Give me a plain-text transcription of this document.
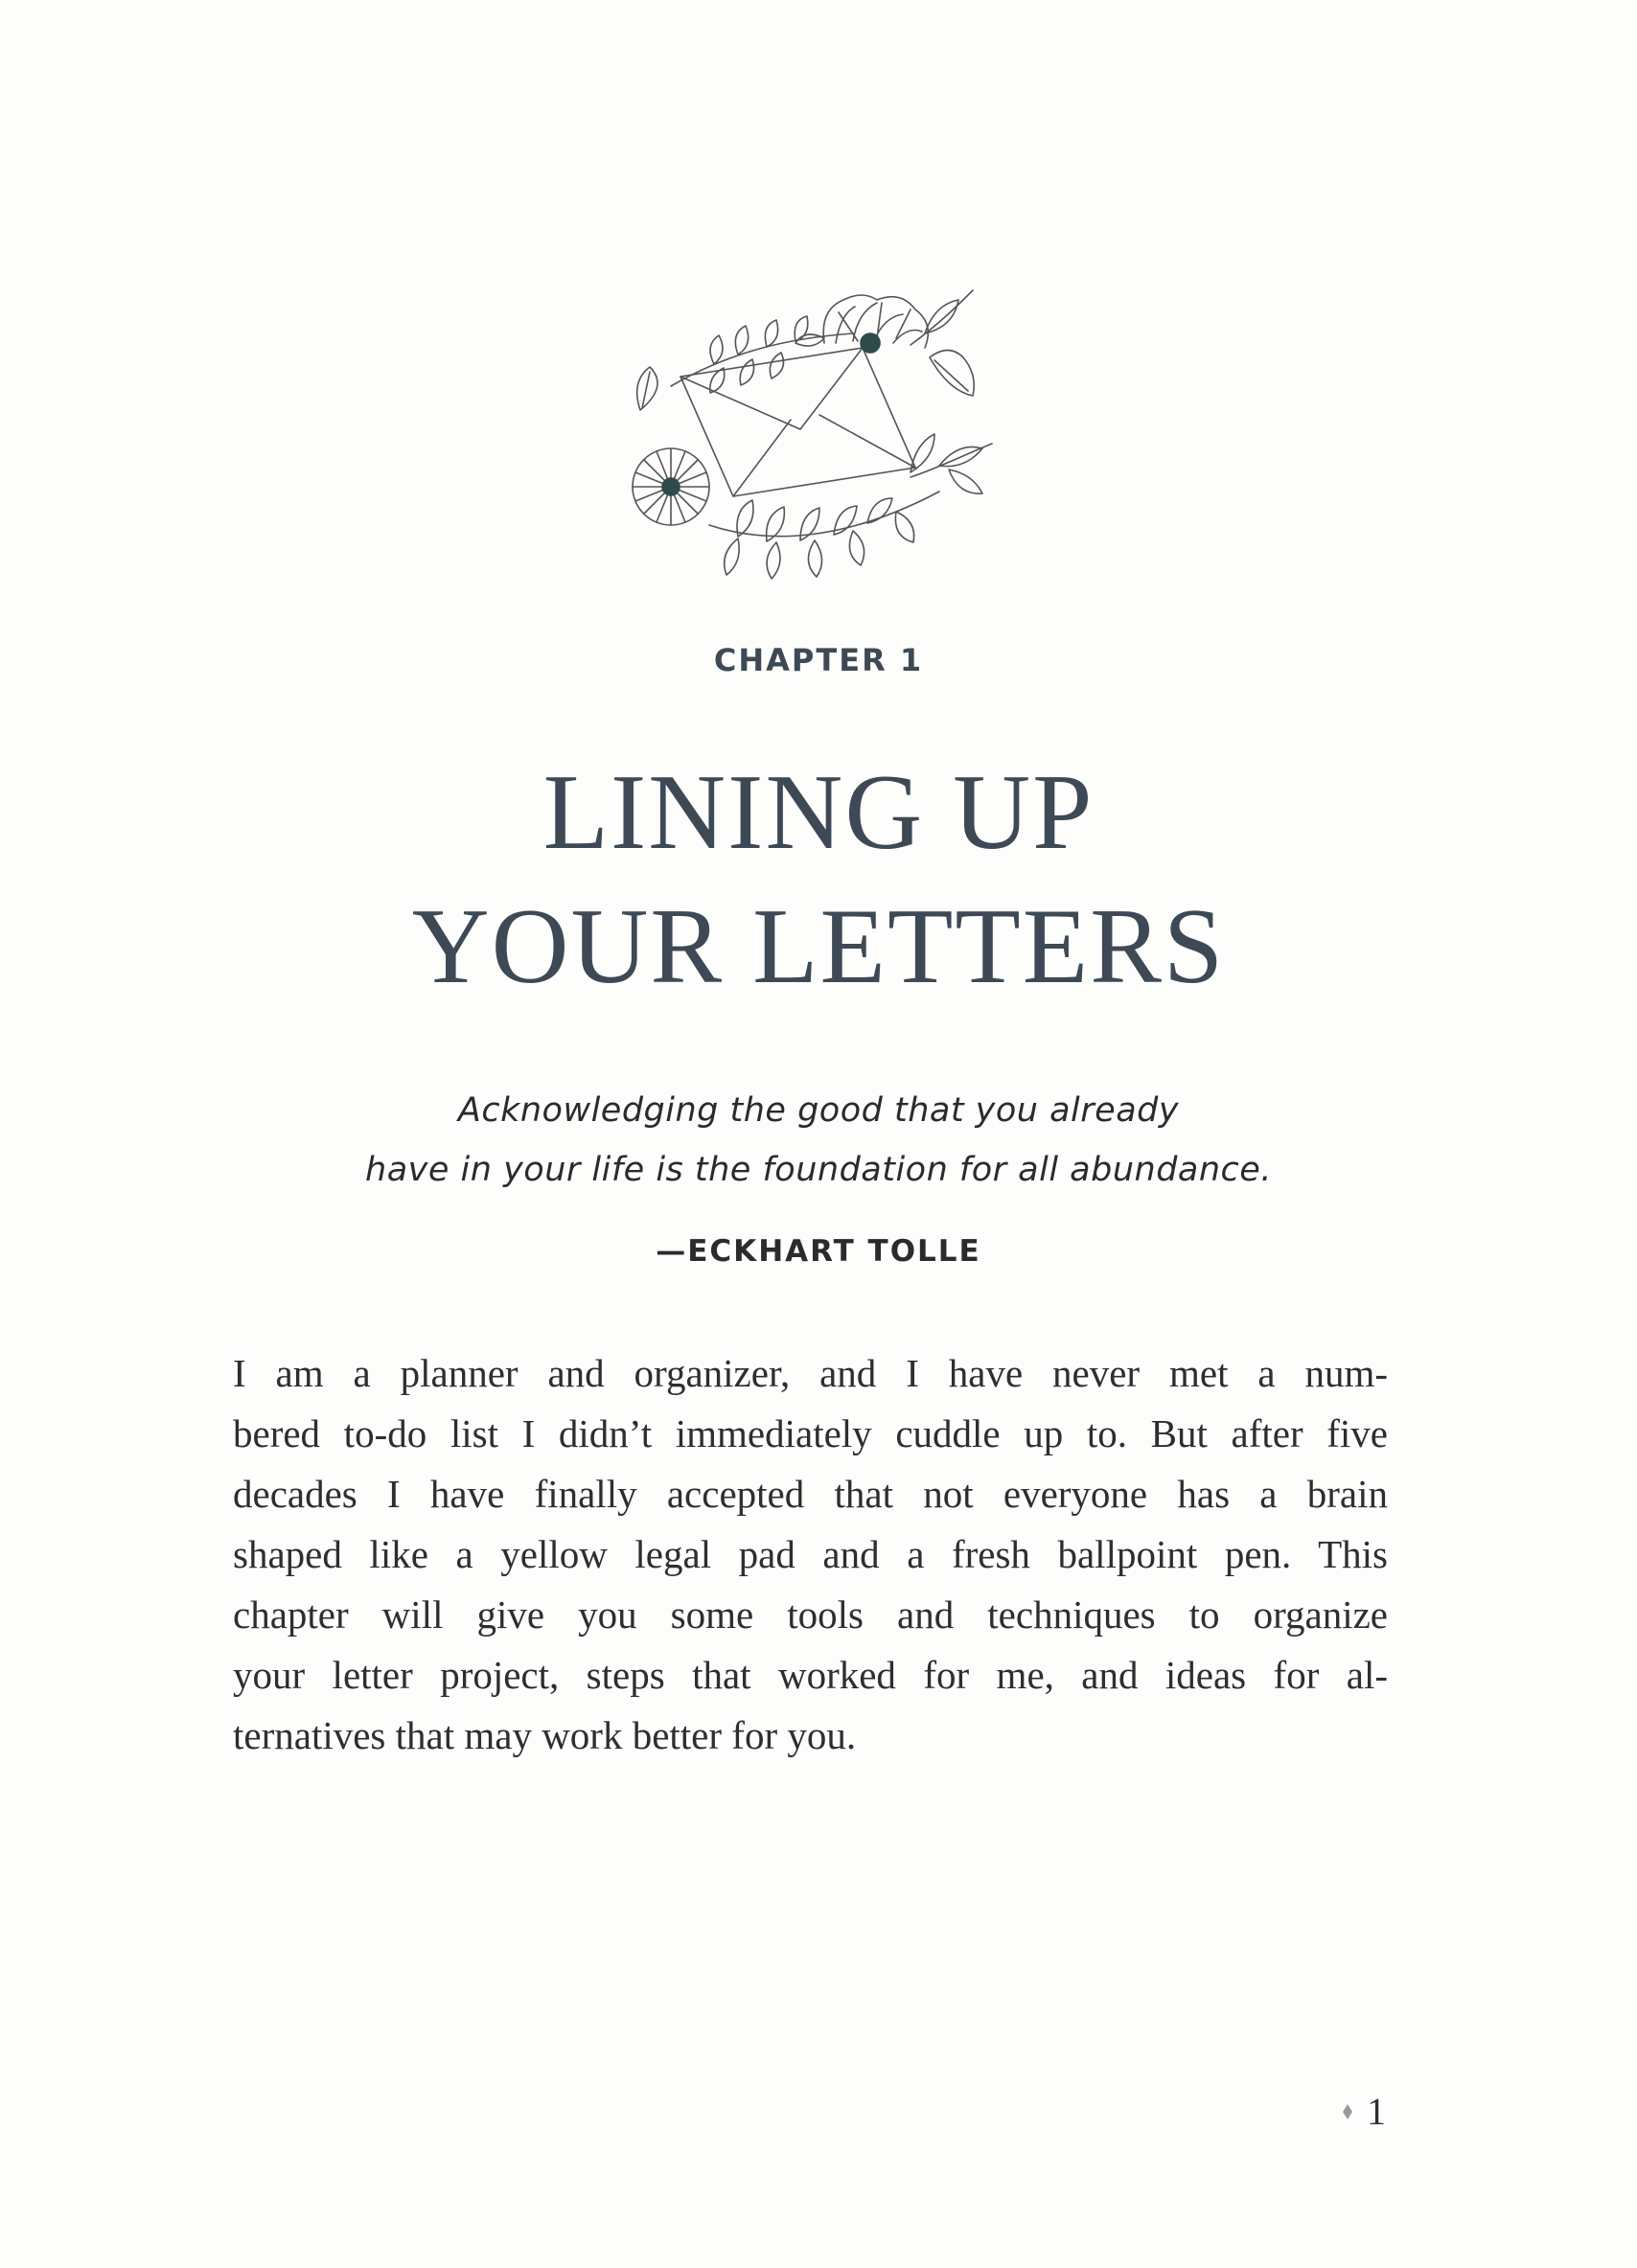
CHAPTER 1
LINING UP
YOUR LETTERS
Acknowledging the good that you already
have in your life is the foundation for all abundance.
—ECKHART TOLLE
I am a planner and organizer, and I have never met a num-
bered to-do list I didn’t immediately cuddle up to. But after five
decades I have finally accepted that not everyone has a brain
shaped like a yellow legal pad and a fresh ballpoint pen. This
chapter will give you some tools and techniques to organize
your letter project, steps that worked for me, and ideas for al-
ternatives that may work better for you.
1
